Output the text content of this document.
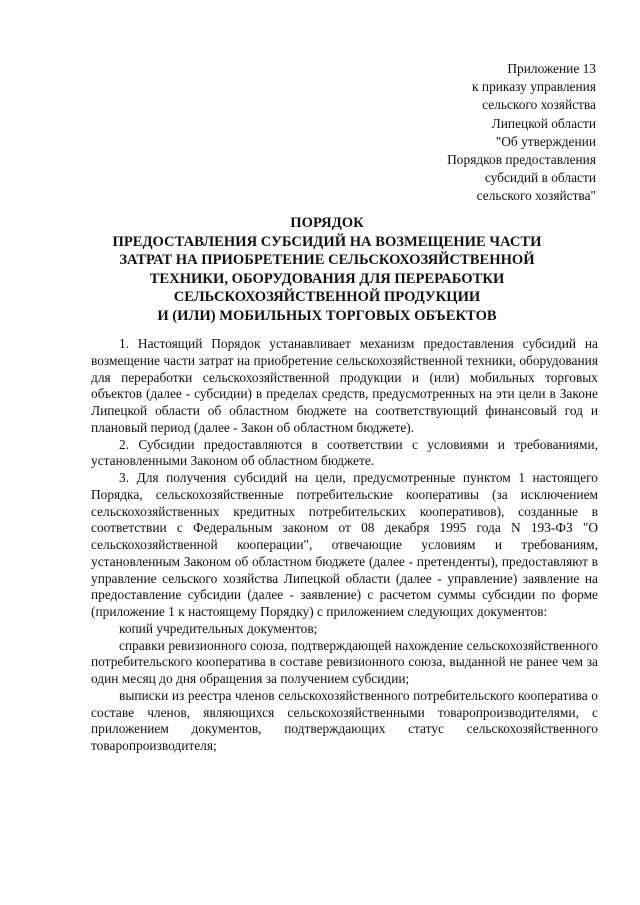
Приложение 13
к приказу управления
сельского хозяйства
Липецкой области
"Об утверждении
Порядков предоставления
субсидий в области
сельского хозяйства"
ПОРЯДОК
ПРЕДОСТАВЛЕНИЯ СУБСИДИЙ НА ВОЗМЕЩЕНИЕ ЧАСТИ
ЗАТРАТ НА ПРИОБРЕТЕНИЕ СЕЛЬСКОХОЗЯЙСТВЕННОЙ
ТЕХНИКИ, ОБОРУДОВАНИЯ ДЛЯ ПЕРЕРАБОТКИ
СЕЛЬСКОХОЗЯЙСТВЕННОЙ ПРОДУКЦИИ
И (ИЛИ) МОБИЛЬНЫХ ТОРГОВЫХ ОБЪЕКТОВ

1. Настоящий Порядок устанавливает механизм предоставления субсидий на возмещение части затрат на приобретение сельскохозяйственной техники, оборудования для переработки сельскохозяйственной продукции и (или) мобильных торговых объектов (далее - субсидии) в пределах средств, предусмотренных на эти цели в Законе Липецкой области об областном бюджете на соответствующий финансовый год и плановый период (далее - Закон об областном бюджете).

2. Субсидии предоставляются в соответствии с условиями и требованиями, установленными Законом об областном бюджете.

3. Для получения субсидий на цели, предусмотренные пунктом 1 настоящего Порядка, сельскохозяйственные потребительские кооперативы (за исключением сельскохозяйственных кредитных потребительских кооперативов), созданные в соответствии с Федеральным законом от 08 декабря 1995 года N 193-ФЗ "О сельскохозяйственной кооперации", отвечающие условиям и требованиям, установленным Законом об областном бюджете (далее - претенденты), предоставляют в управление сельского хозяйства Липецкой области (далее - управление) заявление на предоставление субсидии (далее - заявление) с расчетом суммы субсидии по форме (приложение 1 к настоящему Порядку) с приложением следующих документов:

копий учредительных документов;

справки ревизионного союза, подтверждающей нахождение сельскохозяйственного потребительского кооператива в составе ревизионного союза, выданной не ранее чем за один месяц до дня обращения за получением субсидии;

выписки из реестра членов сельскохозяйственного потребительского кооператива о составе членов, являющихся сельскохозяйственными товаропроизводителями, с приложением документов, подтверждающих статус сельскохозяйственного товаропроизводителя;
